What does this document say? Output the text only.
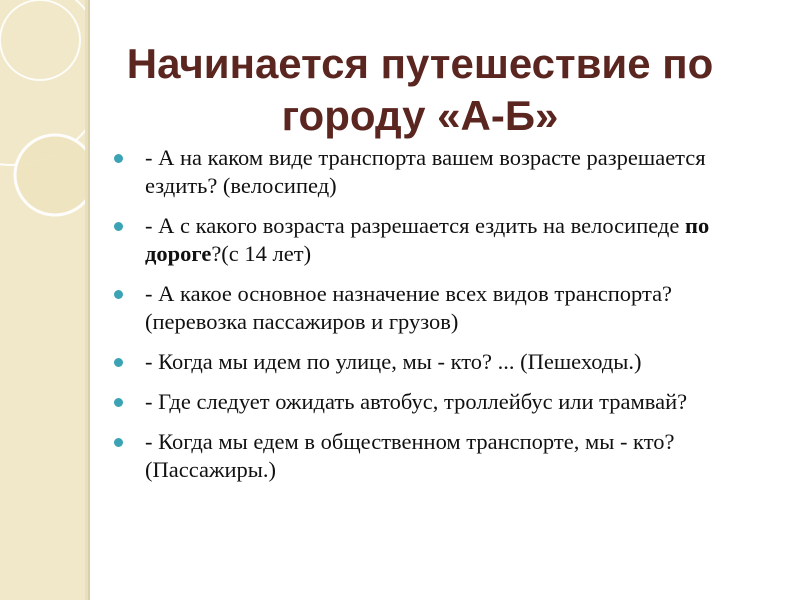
Начинается путешествие по городу «А-Б»
- А на каком виде транспорта вашем возрасте разрешается ездить? (велосипед)
- А с какого возраста разрешается ездить на велосипеде по дороге?(с 14 лет)
- А какое основное назначение всех видов транспорта? (перевозка пассажиров и грузов)
- Когда мы идем по улице, мы - кто? ... (Пешеходы.)
- Где следует ожидать автобус, троллейбус или трамвай?
- Когда мы едем в общественном транспорте, мы - кто? (Пассажиры.)
